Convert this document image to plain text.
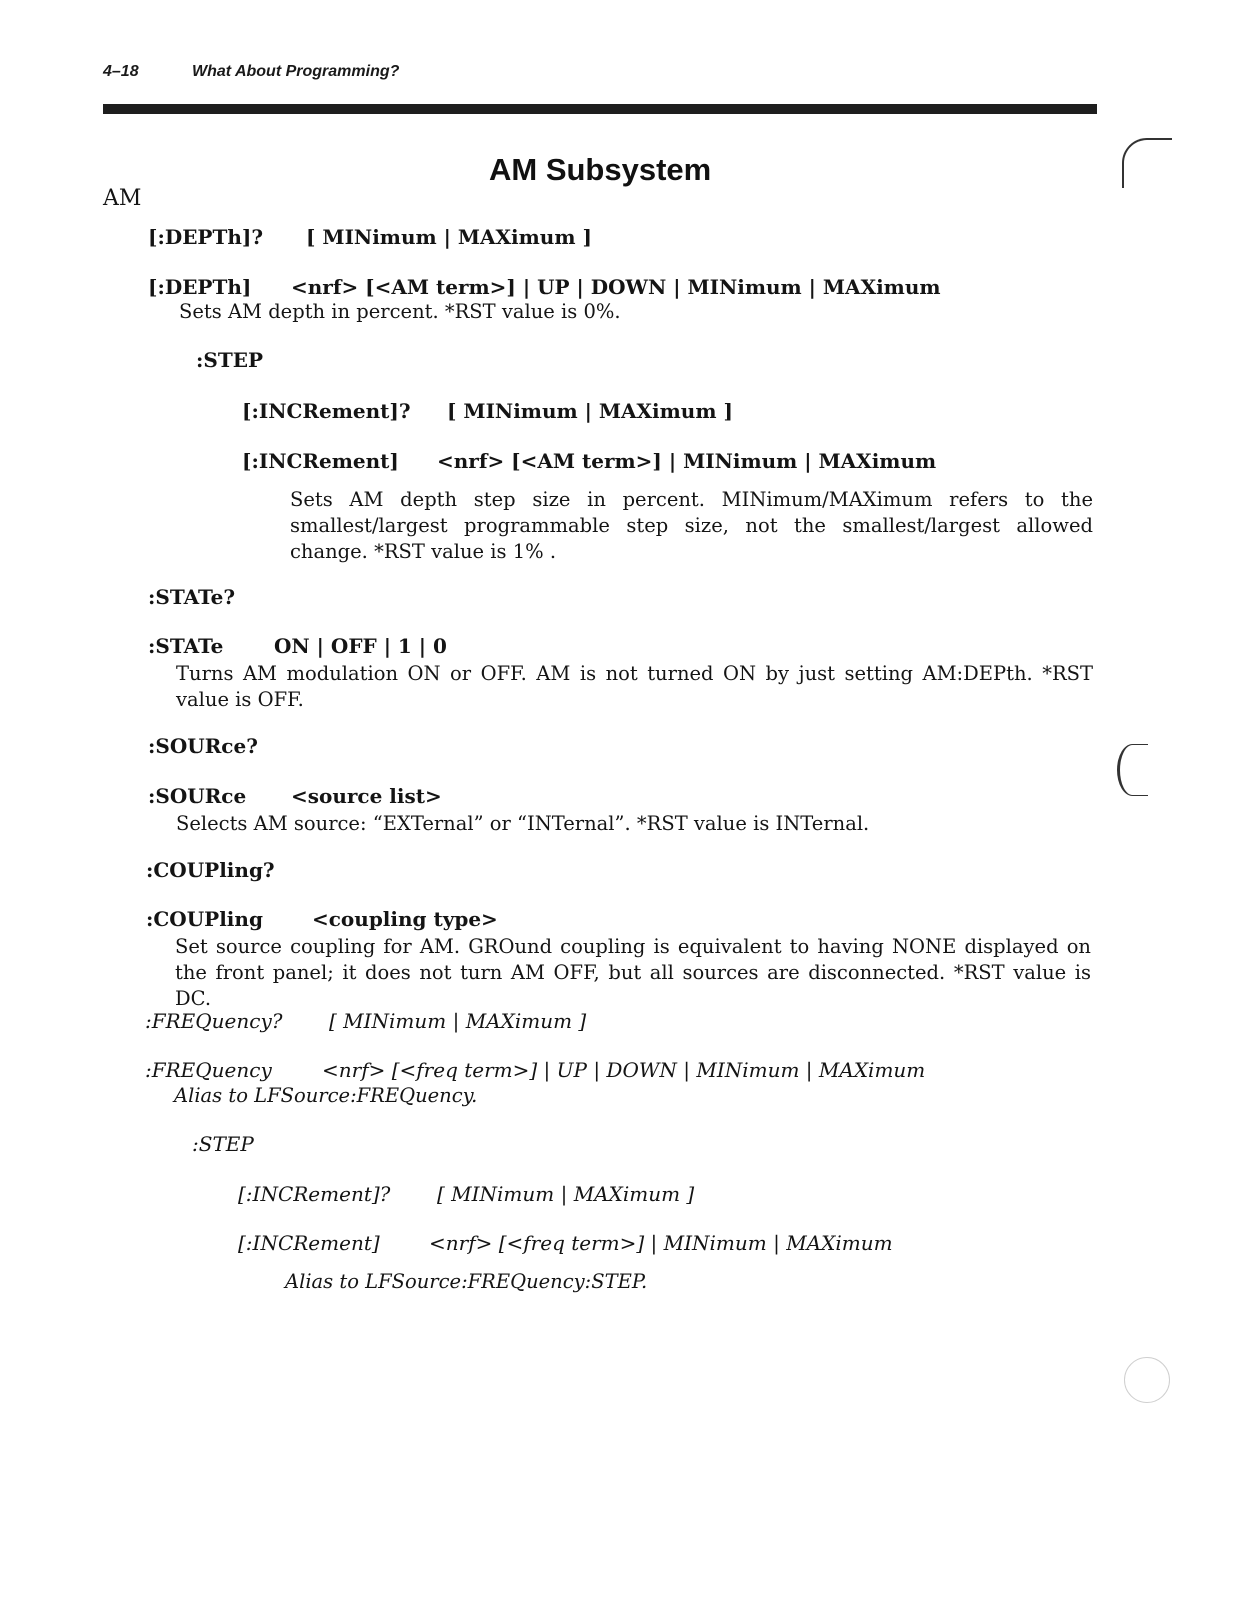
4–18	What About Programming?
AM Subsystem
AM
[:DEPTh]? [ MINimum | MAXimum ]
[:DEPTh] <nrf> [<AM term>] | UP | DOWN | MINimum | MAXimum
Sets AM depth in percent. *RST value is 0%.
:STEP
[:INCRement]? [ MINimum | MAXimum ]
[:INCRement] <nrf> [<AM term>] | MINimum | MAXimum
Sets AM depth step size in percent. MINimum/MAXimum refers to the smallest/largest programmable step size, not the smallest/largest allowed change. *RST value is 1% .
:STATe?
:STATe	ON | OFF | 1 | 0
Turns AM modulation ON or OFF. AM is not turned ON by just setting AM:DEPth. *RST value is OFF.
:SOURce?
:SOURce <source list>
Selects AM source: “EXTernal” or “INTernal”. *RST value is INTernal.
:COUPling?
:COUPling <coupling type>
Set source coupling for AM. GROund coupling is equivalent to having NONE displayed on the front panel; it does not turn AM OFF, but all sources are disconnected. *RST value is DC.
:FREQuency? [ MINimum | MAXimum ]
:FREQuency	<nrf> [<freq term>] | UP | DOWN | MINimum | MAXimum
Alias to LFSource:FREQuency.
:STEP
[:INCRement]? [ MINimum | MAXimum ]
[:INCRement] <nrf> [<freq term>] | MINimum | MAXimum
Alias to LFSource:FREQuency:STEP.
